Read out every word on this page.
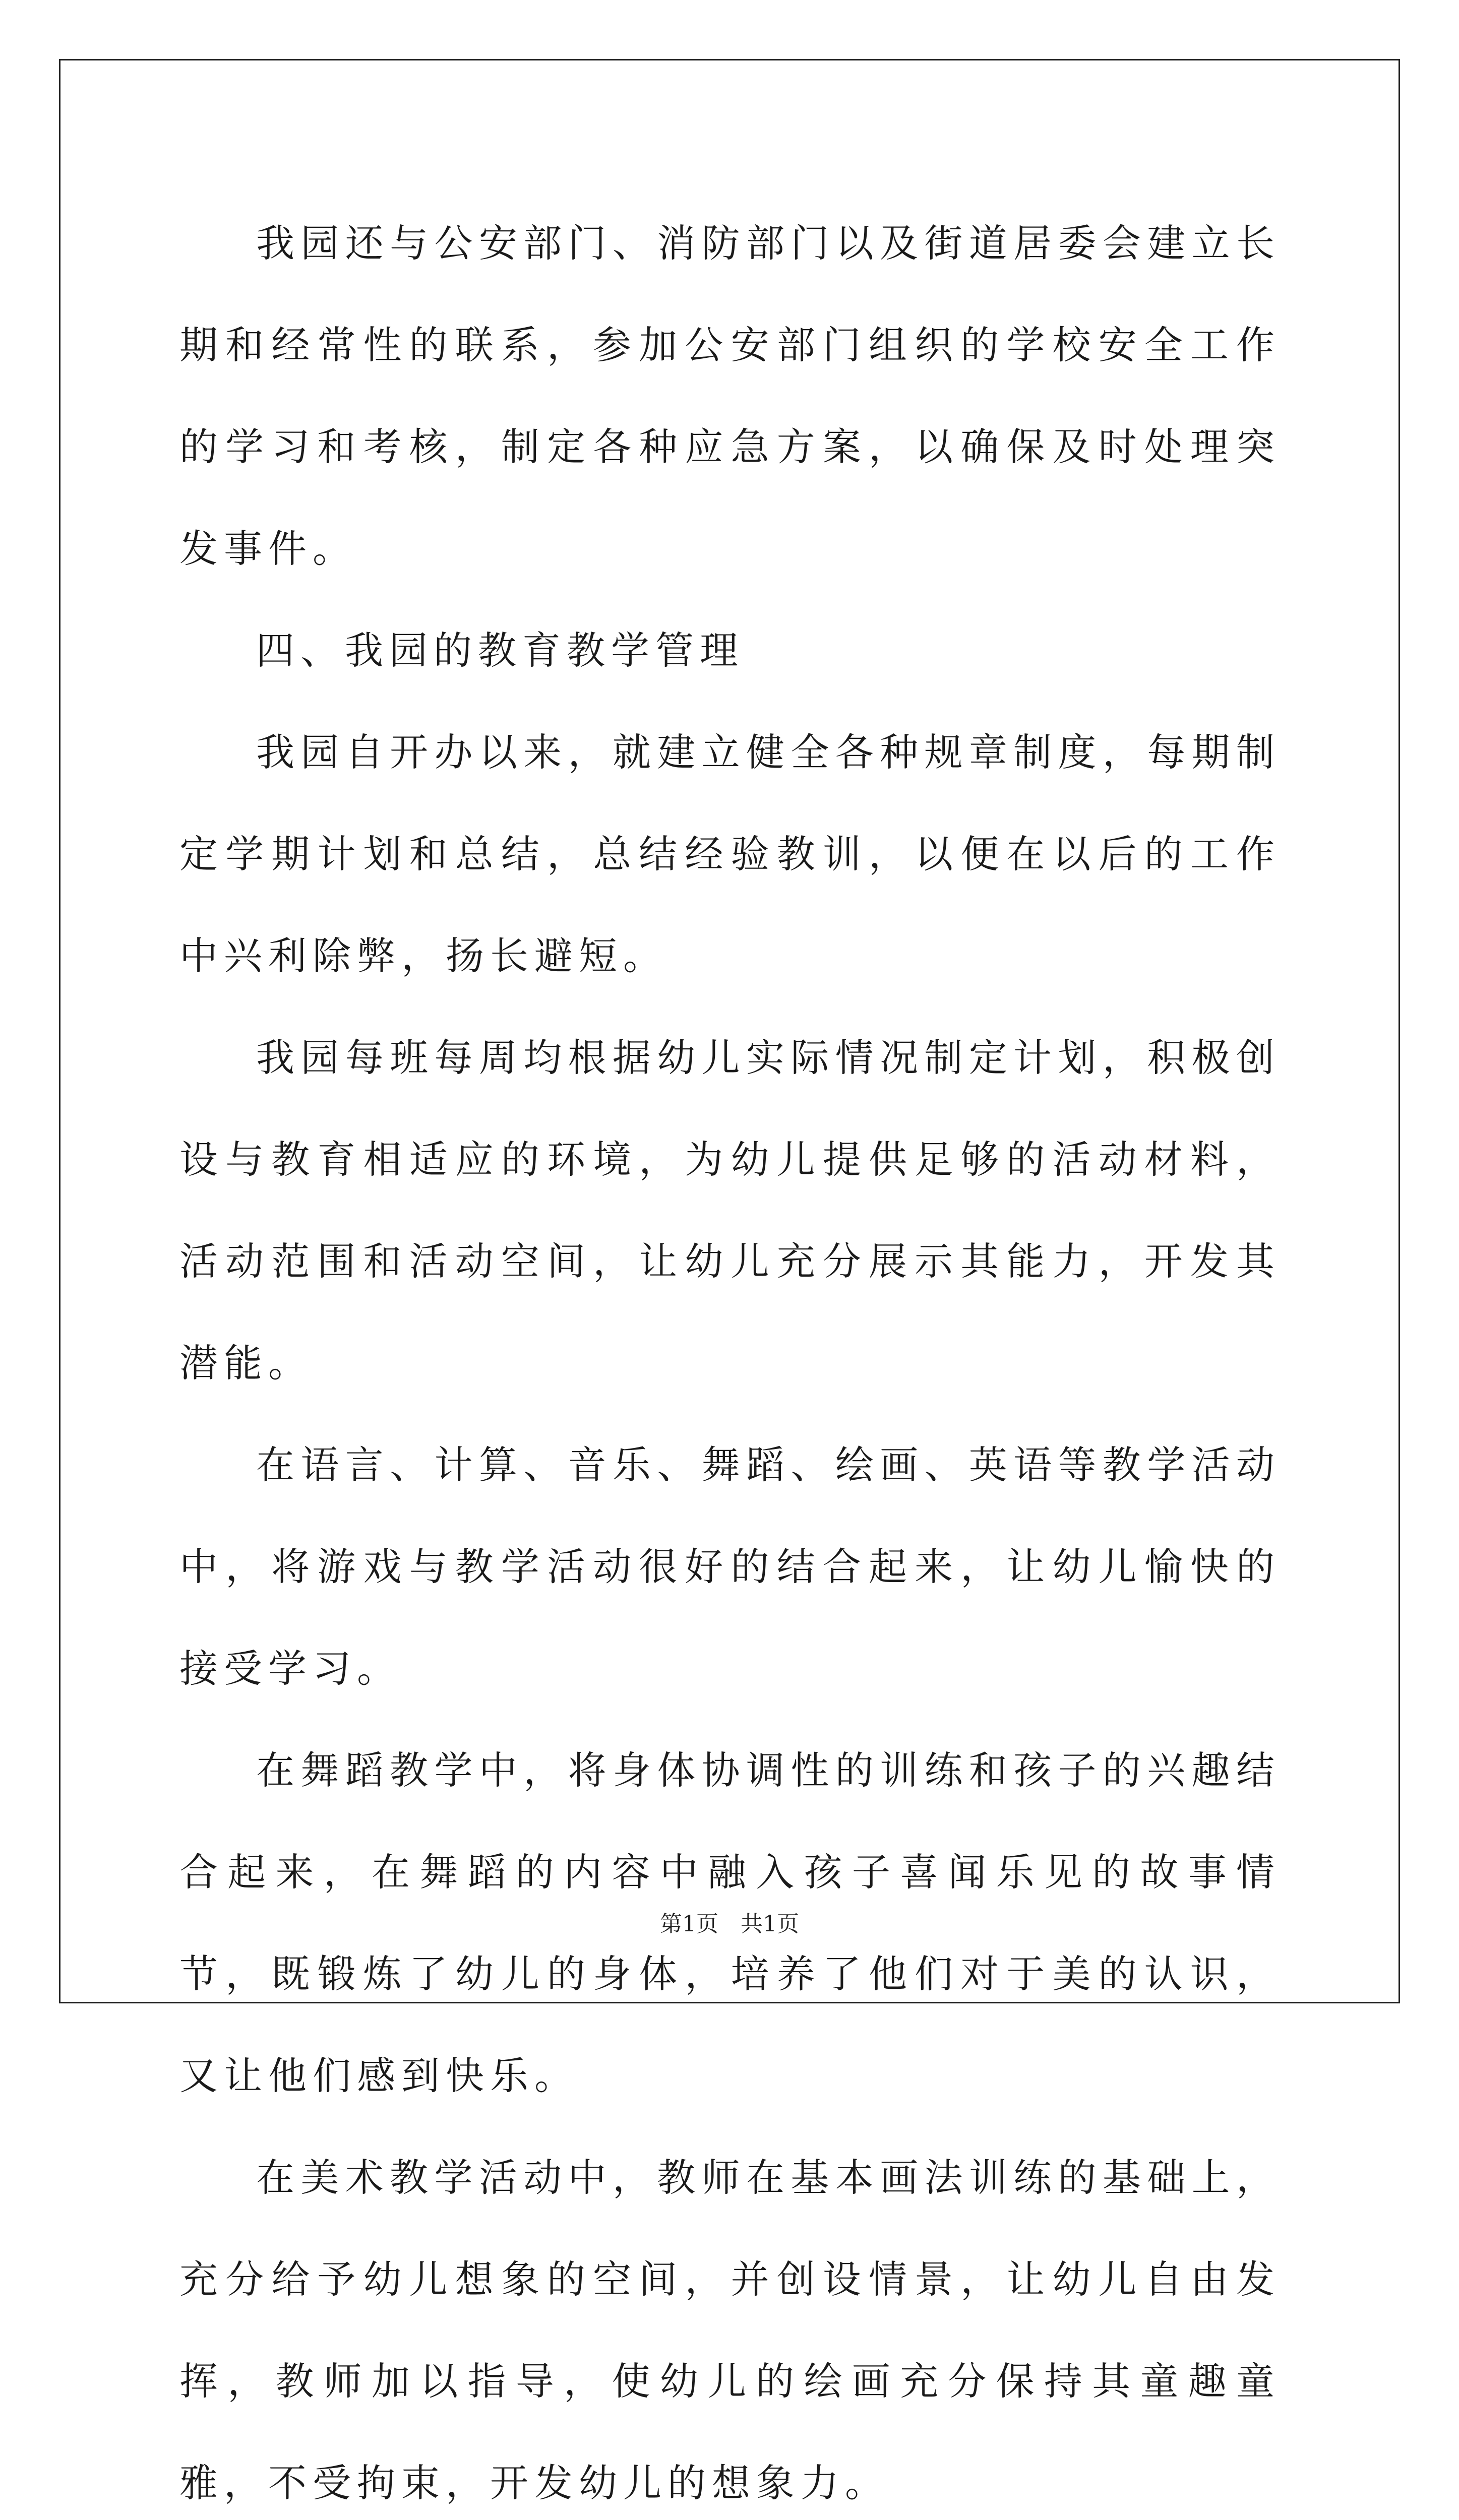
我园还与公安部门、消防部门以及街道居委会建立长期和经常性的联系，参加公安部门组织的学校安全工作的学习和考核，制定各种应急方案，以确保及时处理突发事件。

四、我园的教育教学管理

我园自开办以来，就建立健全各种规章制度，每期制定学期计划和总结，总结经验教训，以便在以后的工作中兴利除弊，扬长避短。

我园每班每周均根据幼儿实际情况制定计划，积极创设与教育相适应的环境，为幼儿提供足够的活动材料，活动范围和活动空间，让幼儿充分展示其能力，开发其潜能。

在语言、计算、音乐、舞蹈、绘画、英语等教学活动中，将游戏与教学活动很好的结合起来，让幼儿愉快的接受学习。

在舞蹈教学中，将身体协调性的训练和孩子的兴趣结合起来，在舞蹈的内容中融入孩子喜闻乐见的故事情节，既锻炼了幼儿的身体，培养了他们对于美的认识，又让他们感到快乐。

在美术教学活动中，教师在基本画法训练的基础上，充分给予幼儿想象的空间，并创设情景，让幼儿自由发挥，教师加以指导，使幼儿的绘画充分保持其童趣童雅，不受拘束，开发幼儿的想象力。

第1页　共1页
